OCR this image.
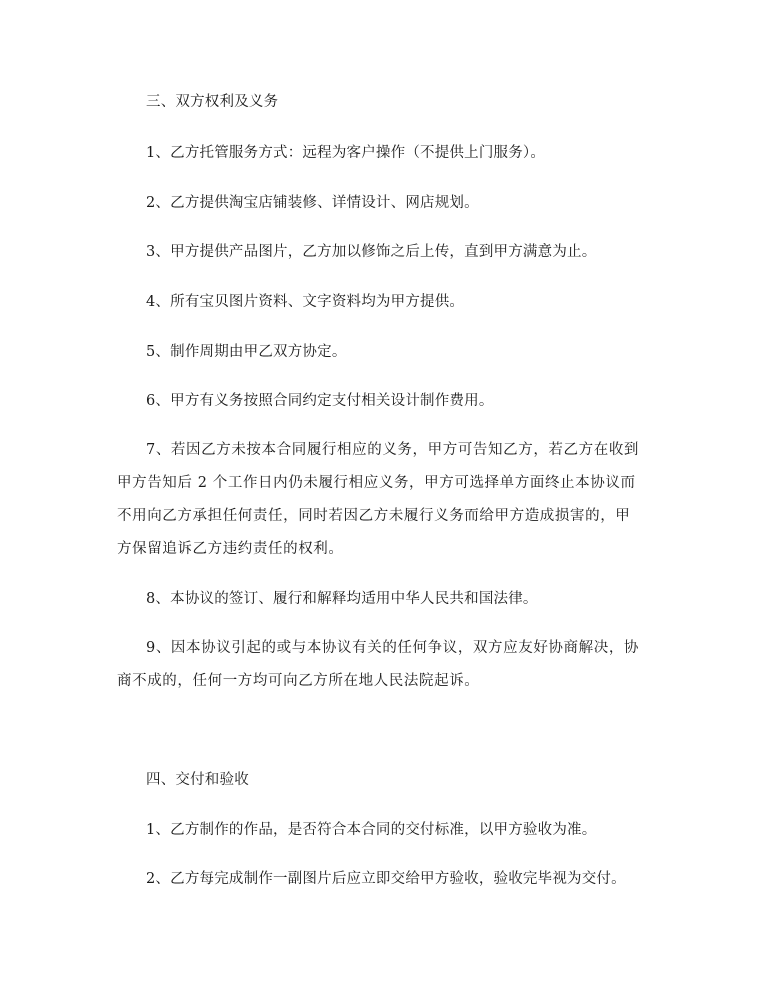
三、双方权利及义务
1、乙方托管服务方式：远程为客户操作（不提供上门服务）。
2、乙方提供淘宝店铺装修、详情设计、网店规划。
3、甲方提供产品图片，乙方加以修饰之后上传，直到甲方满意为止。
4、所有宝贝图片资料、文字资料均为甲方提供。
5、制作周期由甲乙双方协定。
6、甲方有义务按照合同约定支付相关设计制作费用。
7、若因乙方未按本合同履行相应的义务，甲方可告知乙方，若乙方在收到
甲方告知后 2 个工作日内仍未履行相应义务，甲方可选择单方面终止本协议而
不用向乙方承担任何责任，同时若因乙方未履行义务而给甲方造成损害的，甲
方保留追诉乙方违约责任的权利。
8、本协议的签订、履行和解释均适用中华人民共和国法律。
9、因本协议引起的或与本协议有关的任何争议，双方应友好协商解决，协
商不成的，任何一方均可向乙方所在地人民法院起诉。
四、交付和验收
1、乙方制作的作品，是否符合本合同的交付标准，以甲方验收为准。
2、乙方每完成制作一副图片后应立即交给甲方验收，验收完毕视为交付。
